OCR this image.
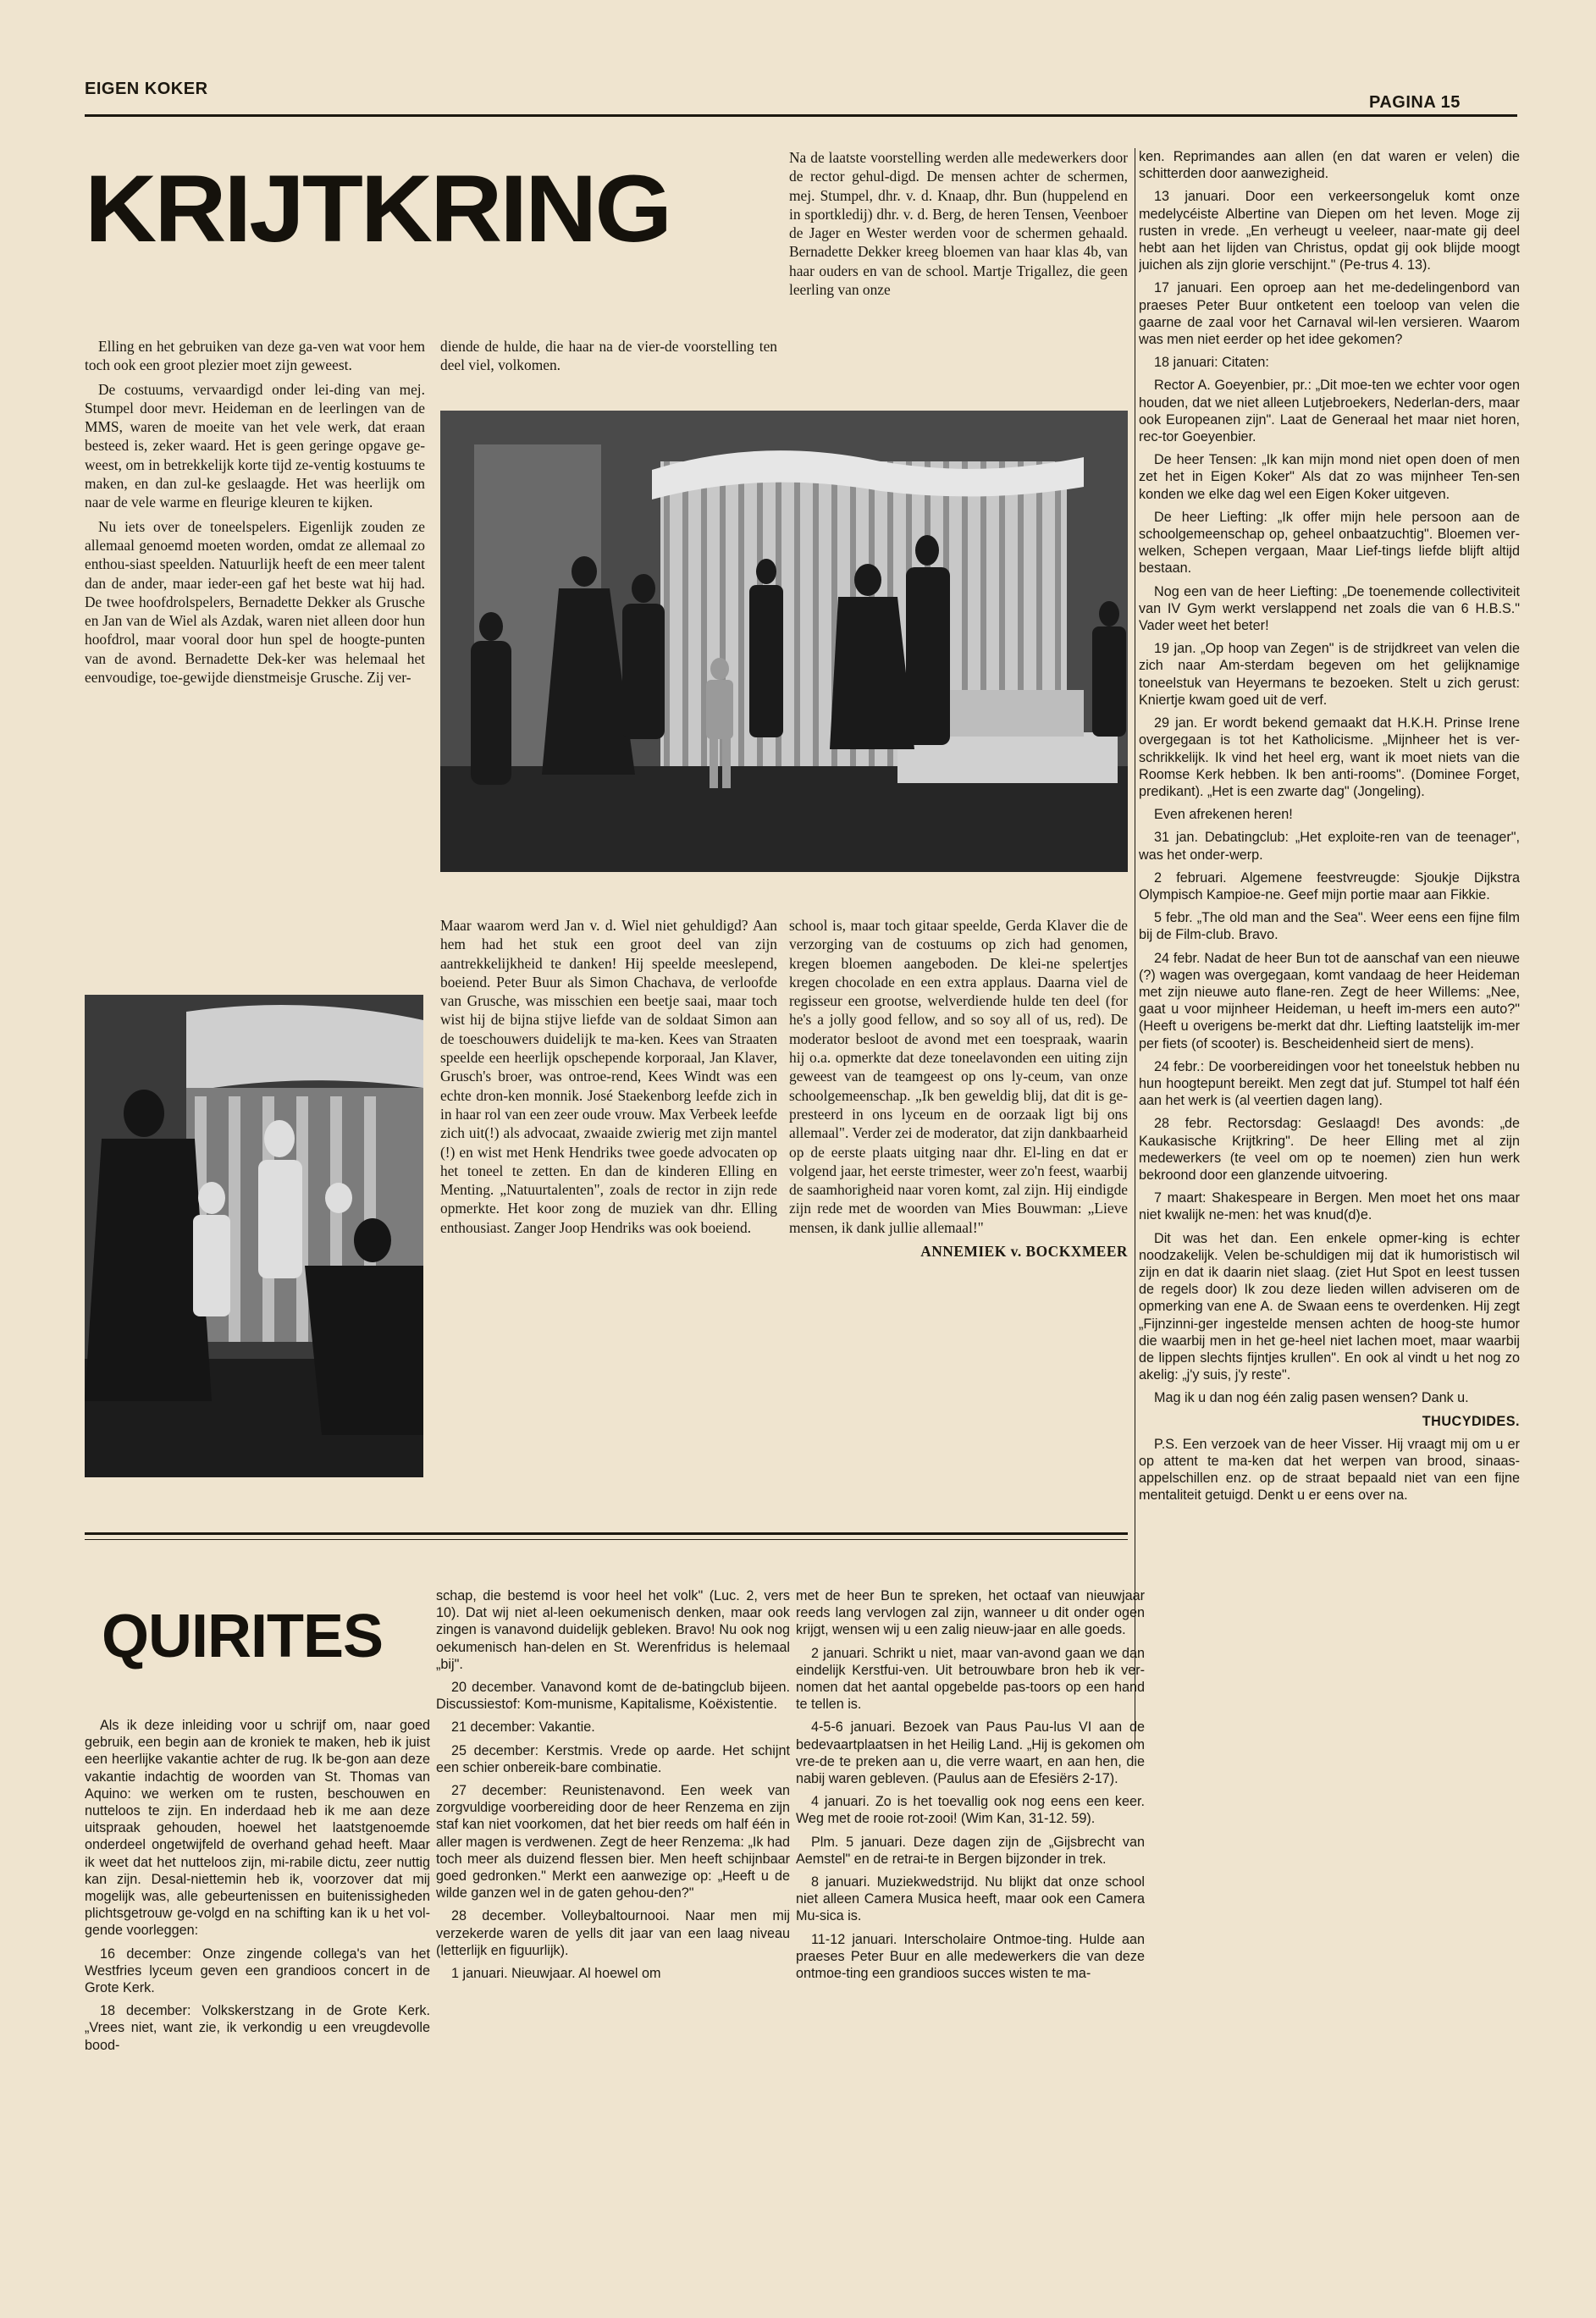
EIGEN KOKER
PAGINA 15
KRIJTKRING

Elling en het gebruiken van deze ga-ven wat voor hem toch ook een groot plezier moet zijn geweest.

De costuums, vervaardigd onder lei-ding van mej. Stumpel door mevr. Heideman en de leerlingen van de MMS, waren de moeite van het vele werk, dat eraan besteed is, zeker waard. Het is geen geringe opgave ge-weest, om in betrekkelijk korte tijd ze-ventig kostuums te maken, en dan zul-ke geslaagde. Het was heerlijk om naar de vele warme en fleurige kleuren te kijken.

Nu iets over de toneelspelers. Eigenlijk zouden ze allemaal genoemd moeten worden, omdat ze allemaal zo enthou-siast speelden. Natuurlijk heeft de een meer talent dan de ander, maar ieder-een gaf het beste wat hij had. De twee hoofdrolspelers, Bernadette Dekker als Grusche en Jan van de Wiel als Azdak, waren niet alleen door hun hoofdrol, maar vooral door hun spel de hoogte-punten van de avond. Bernadette Dek-ker was helemaal het eenvoudige, toe-gewijde dienstmeisje Grusche. Zij ver-

diende de hulde, die haar na de vier-de voorstelling ten deel viel, volkomen.

Na de laatste voorstelling werden alle medewerkers door de rector gehul-digd. De mensen achter de schermen, mej. Stumpel, dhr. v. d. Knaap, dhr. Bun (huppelend en in sportkledij) dhr. v. d. Berg, de heren Tensen, Veenboer de Jager en Wester werden voor de schermen gehaald. Bernadette Dekker kreeg bloemen van haar klas 4b, van haar ouders en van de school. Martje Trigallez, die geen leerling van onze

Maar waarom werd Jan v. d. Wiel niet gehuldigd? Aan hem had het stuk een groot deel van zijn aantrekkelijkheid te danken! Hij speelde meeslepend, boeiend. Peter Buur als Simon Chachava, de verloofde van Grusche, was misschien een beetje saai, maar toch wist hij de bijna stijve liefde van de soldaat Simon aan de toeschouwers duidelijk te ma-ken. Kees van Straaten speelde een heerlijk opschepende korporaal, Jan Klaver, Grusch's broer, was ontroe-rend, Kees Windt was een echte dron-ken monnik. José Staekenborg leefde zich in in haar rol van een zeer oude vrouw. Max Verbeek leefde zich uit(!) als advocaat, zwaaide zwierig met zijn mantel (!) en wist met Henk Hendriks twee goede advocaten op het toneel te zetten. En dan de kinderen Elling en Menting. „Natuurtalenten", zoals de rector in zijn rede opmerkte. Het koor zong de muziek van dhr. Elling enthousiast. Zanger Joop Hendriks was ook boeiend.

school is, maar toch gitaar speelde, Gerda Klaver die de verzorging van de costuums op zich had genomen, kregen bloemen aangeboden. De klei-ne spelertjes kregen chocolade en een extra applaus. Daarna viel de regisseur een grootse, welverdiende hulde ten deel (for he's a jolly good fellow, and so soy all of us, red). De moderator besloot de avond met een toespraak, waarin hij o.a. opmerkte dat deze toneelavonden een uiting zijn geweest van de teamgeest op ons ly-ceum, van onze schoolgemeenschap. „Ik ben geweldig blij, dat dit is ge-presteerd in ons lyceum en de oorzaak ligt bij ons allemaal". Verder zei de moderator, dat zijn dankbaarheid op de eerste plaats uitging naar dhr. El-ling en dat er volgend jaar, het eerste trimester, weer zo'n feest, waarbij de saamhorigheid naar voren komt, zal zijn. Hij eindigde zijn rede met de woorden van Mies Bouwman: „Lieve mensen, ik dank jullie allemaal!"

ANNEMIEK v. BOCKXMEER

QUIRITES

Als ik deze inleiding voor u schrijf om, naar goed gebruik, een begin aan de kroniek te maken, heb ik juist een heerlijke vakantie achter de rug. Ik be-gon aan deze vakantie indachtig de woorden van St. Thomas van Aquino: we werken om te rusten, beschouwen en nutteloos te zijn. En inderdaad heb ik me aan deze uitspraak gehouden, hoewel het laatstgenoemde onderdeel ongetwijfeld de overhand gehad heeft. Maar ik weet dat het nutteloos zijn, mi-rabile dictu, zeer nuttig kan zijn. Desal-niettemin heb ik, voorzover dat mij mogelijk was, alle gebeurtenissen en buitenissigheden plichtsgetrouw ge-volgd en na schifting kan ik u het vol-gende voorleggen:

16 december: Onze zingende collega's van het Westfries lyceum geven een grandioos concert in de Grote Kerk.

18 december: Volkskerstzang in de Grote Kerk. „Vrees niet, want zie, ik verkondig u een vreugdevolle bood-

schap, die bestemd is voor heel het volk" (Luc. 2, vers 10). Dat wij niet al-leen oekumenisch denken, maar ook zingen is vanavond duidelijk gebleken. Bravo! Nu ook nog oekumenisch han-delen en St. Werenfridus is helemaal „bij".

20 december. Vanavond komt de de-batingclub bijeen. Discussiestof: Kom-munisme, Kapitalisme, Koëxistentie.

21 december: Vakantie.

25 december: Kerstmis. Vrede op aarde. Het schijnt een schier onbereik-bare combinatie.

27 december: Reunistenavond. Een week van zorgvuldige voorbereiding door de heer Renzema en zijn staf kan niet voorkomen, dat het bier reeds om half één in aller magen is verdwenen. Zegt de heer Renzema: „Ik had toch meer als duizend flessen bier. Men heeft schijnbaar goed gedronken." Merkt een aanwezige op: „Heeft u de wilde ganzen wel in de gaten gehou-den?"

28 december. Volleybaltournooi. Naar men mij verzekerde waren de yells dit jaar van een laag niveau (letterlijk en figuurlijk).

1 januari. Nieuwjaar. Al hoewel om

met de heer Bun te spreken, het octaaf van nieuwjaar reeds lang vervlogen zal zijn, wanneer u dit onder ogen krijgt, wensen wij u een zalig nieuw-jaar en alle goeds.

2 januari. Schrikt u niet, maar van-avond gaan we dan eindelijk Kerstfui-ven. Uit betrouwbare bron heb ik ver-nomen dat het aantal opgebelde pas-toors op een hand te tellen is.

4-5-6 januari. Bezoek van Paus Pau-lus VI aan de bedevaartplaatsen in het Heilig Land. „Hij is gekomen om vre-de te preken aan u, die verre waart, en aan hen, die nabij waren gebleven. (Paulus aan de Efesiërs 2-17).

4 januari. Zo is het toevallig ook nog eens een keer. Weg met de rooie rot-zooi! (Wim Kan, 31-12. 59).

Plm. 5 januari. Deze dagen zijn de „Gijsbrecht van Aemstel" en de retrai-te in Bergen bijzonder in trek.

8 januari. Muziekwedstrijd. Nu blijkt dat onze school niet alleen Camera Musica heeft, maar ook een Camera Mu-sica is.

11-12 januari. Interscholaire Ontmoe-ting. Hulde aan praeses Peter Buur en alle medewerkers die van deze ontmoe-ting een grandioos succes wisten te ma-

ken. Reprimandes aan allen (en dat waren er velen) die schitterden door aanwezigheid.

13 januari. Door een verkeersongeluk komt onze medelycéiste Albertine van Diepen om het leven. Moge zij rusten in vrede. „En verheugt u veeleer, naar-mate gij deel hebt aan het lijden van Christus, opdat gij ook blijde moogt juichen als zijn glorie verschijnt." (Pe-trus 4. 13).

17 januari. Een oproep aan het me-dedelingenbord van praeses Peter Buur ontketent een toeloop van velen die gaarne de zaal voor het Carnaval wil-len versieren. Waarom was men niet eerder op het idee gekomen?

18 januari: Citaten:

Rector A. Goeyenbier, pr.: „Dit moe-ten we echter voor ogen houden, dat we niet alleen Lutjebroekers, Nederlan-ders, maar ook Europeanen zijn". Laat de Generaal het maar niet horen, rec-tor Goeyenbier.

De heer Tensen: „Ik kan mijn mond niet open doen of men zet het in Eigen Koker" Als dat zo was mijnheer Ten-sen konden we elke dag wel een Eigen Koker uitgeven.

De heer Liefting: „Ik offer mijn hele persoon aan de schoolgemeenschap op, geheel onbaatzuchtig". Bloemen ver-welken, Schepen vergaan, Maar Lief-tings liefde blijft altijd bestaan.

Nog een van de heer Liefting: „De toenemende collectiviteit van IV Gym werkt verslappend net zoals die van 6 H.B.S." Vader weet het beter!

19 jan. „Op hoop van Zegen" is de strijdkreet van velen die zich naar Am-sterdam begeven om het gelijknamige toneelstuk van Heyermans te bezoeken. Stelt u zich gerust: Kniertje kwam goed uit de verf.

29 jan. Er wordt bekend gemaakt dat H.K.H. Prinse Irene overgegaan is tot het Katholicisme. „Mijnheer het is ver-schrikkelijk. Ik vind het heel erg, want ik moet niets van die Roomse Kerk hebben. Ik ben anti-rooms". (Dominee Forget, predikant). „Het is een zwarte dag" (Jongeling).

Even afrekenen heren!

31 jan. Debatingclub: „Het exploite-ren van de teenager", was het onder-werp.

2 februari. Algemene feestvreugde: Sjoukje Dijkstra Olympisch Kampioe-ne. Geef mijn portie maar aan Fikkie.

5 febr. „The old man and the Sea". Weer eens een fijne film bij de Film-club. Bravo.

24 febr. Nadat de heer Bun tot de aanschaf van een nieuwe (?) wagen was overgegaan, komt vandaag de heer Heideman met zijn nieuwe auto flane-ren. Zegt de heer Willems: „Nee, gaat u voor mijnheer Heideman, u heeft im-mers een auto?" (Heeft u overigens be-merkt dat dhr. Liefting laatstelijk im-mer per fiets (of scooter) is. Bescheidenheid siert de mens).

24 febr.: De voorbereidingen voor het toneelstuk hebben nu hun hoogtepunt bereikt. Men zegt dat juf. Stumpel tot half één aan het werk is (al veertien dagen lang).

28 febr. Rectorsdag: Geslaagd! Des avonds: „de Kaukasische Krijtkring". De heer Elling met al zijn medewerkers (te veel om op te noemen) zien hun werk bekroond door een glanzende uitvoering.

7 maart: Shakespeare in Bergen. Men moet het ons maar niet kwalijk ne-men: het was knud(d)e.

Dit was het dan. Een enkele opmer-king is echter noodzakelijk. Velen be-schuldigen mij dat ik humoristisch wil zijn en dat ik daarin niet slaag. (ziet Hut Spot en leest tussen de regels door) Ik zou deze lieden willen adviseren om de opmerking van ene A. de Swaan eens te overdenken. Hij zegt „Fijnzinni-ger ingestelde mensen achten de hoog-ste humor die waarbij men in het ge-heel niet lachen moet, maar waarbij de lippen slechts fijntjes krullen". En ook al vindt u het nog zo akelig: „j'y suis, j'y reste".

Mag ik u dan nog één zalig pasen wensen? Dank u.

THUCYDIDES.

P.S. Een verzoek van de heer Visser. Hij vraagt mij om u er op attent te ma-ken dat het werpen van brood, sinaas-appelschillen enz. op de straat bepaald niet van een fijne mentaliteit getuigd. Denkt u er eens over na.
